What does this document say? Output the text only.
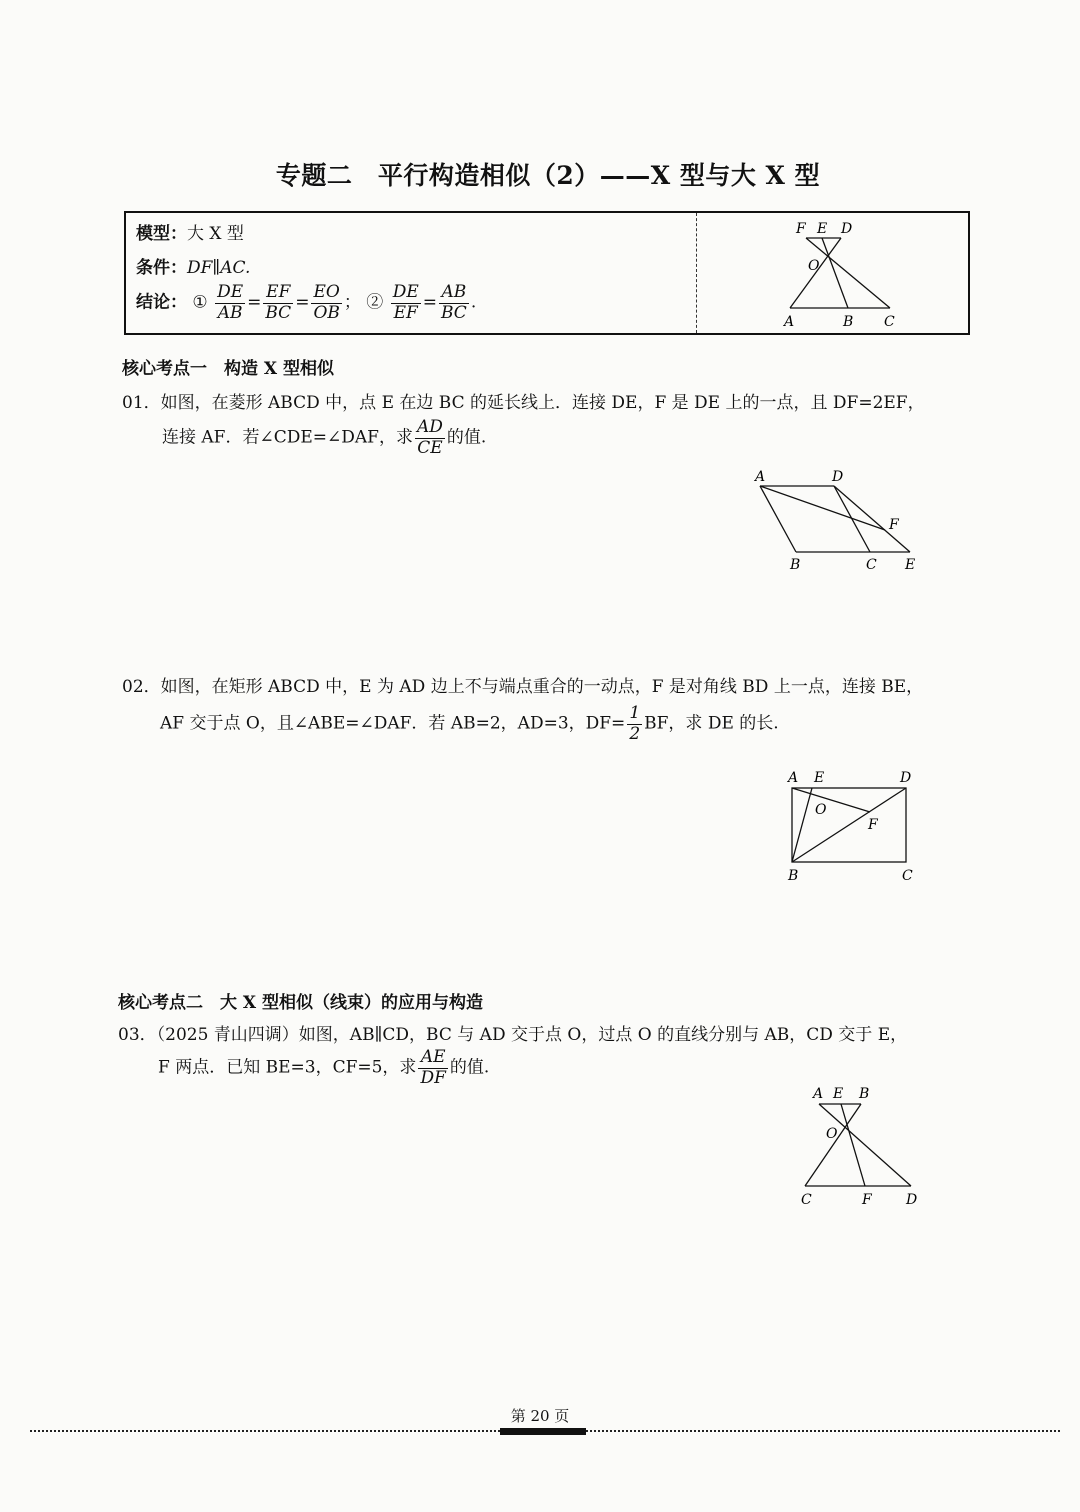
专题二　平行构造相似（2）——X 型与大 X 型
模型：大 X 型
条件：DF∥AC.
结论： ① $\frac{DE}{AB} = \frac{EF}{BC} = \frac{EO}{OB}$ ； ② $\frac{DE}{EF} = \frac{AB}{BC}$ .
F E D
O
A	B C
核心考点一　构造 X 型相似
01．如图，在菱形 ABCD 中，点 E 在边 BC 的延长线上．连接 DE，F 是 DE 上的一点，且 DF=2EF，
连接 AF．若∠CDE=∠DAF，求 $\frac{AD}{CE}$ 的值.
A	D
F
B	C E
02．如图，在矩形 ABCD 中，E 为 AD 边上不与端点重合的一动点，F 是对角线 BD 上一点，连接 BE，
AF 交于点 O，且∠ABE=∠DAF．若 AB=2，AD=3，$DF= \frac{1}{2}$ BF，求 DE 的长.
A E	D
O
F
B	C
核心考点二　大 X 型相似（线束）的应用与构造
03．（2025 青山四调）如图，AB∥CD，BC 与 AD 交于点 O，过点 O 的直线分别与 AB，CD 交于 E，
F 两点．已知 BE=3，CF=5，求 $\frac{AE}{DF}$ 的值.
A E B
O
C	F D
第 20 页
